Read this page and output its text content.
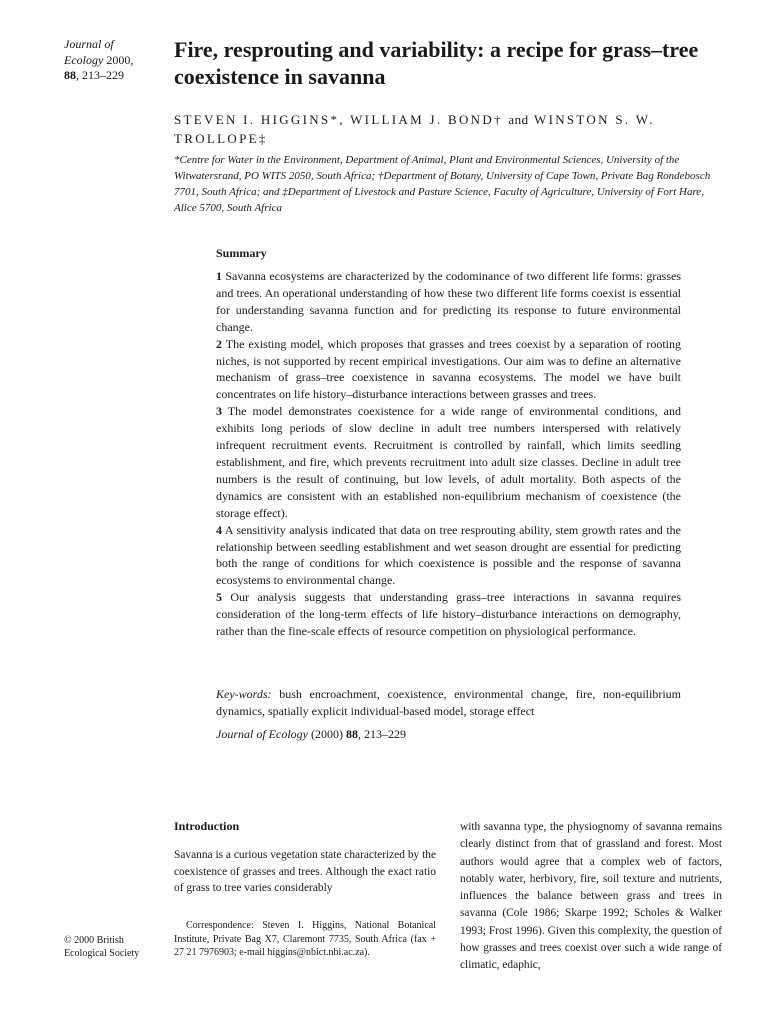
Journal of
Ecology 2000,
88, 213–229
Fire, resprouting and variability: a recipe for grass–tree coexistence in savanna
STEVEN I. HIGGINS*, WILLIAM J. BOND† and WINSTON S. W. TROLLOPE‡
*Centre for Water in the Environment, Department of Animal, Plant and Environmental Sciences, University of the Witwatersrand, PO WITS 2050, South Africa; †Department of Botany, University of Cape Town, Private Bag Rondebosch 7701, South Africa; and ‡Department of Livestock and Pasture Science, Faculty of Agriculture, University of Fort Hare, Alice 5700, South Africa
Summary

1 Savanna ecosystems are characterized by the codominance of two different life forms: grasses and trees. An operational understanding of how these two different life forms coexist is essential for understanding savanna function and for predicting its response to future environmental change.

2 The existing model, which proposes that grasses and trees coexist by a separation of rooting niches, is not supported by recent empirical investigations. Our aim was to define an alternative mechanism of grass–tree coexistence in savanna ecosystems. The model we have built concentrates on life history–disturbance interactions between grasses and trees.

3 The model demonstrates coexistence for a wide range of environmental conditions, and exhibits long periods of slow decline in adult tree numbers interspersed with relatively infrequent recruitment events. Recruitment is controlled by rainfall, which limits seedling establishment, and fire, which prevents recruitment into adult size classes. Decline in adult tree numbers is the result of continuing, but low levels, of adult mortality. Both aspects of the dynamics are consistent with an established non-equilibrium mechanism of coexistence (the storage effect).

4 A sensitivity analysis indicated that data on tree resprouting ability, stem growth rates and the relationship between seedling establishment and wet season drought are essential for predicting both the range of conditions for which coexistence is possible and the response of savanna ecosystems to environmental change.

5 Our analysis suggests that understanding grass–tree interactions in savanna requires consideration of the long-term effects of life history–disturbance interactions on demography, rather than the fine-scale effects of resource competition on physiological performance.

Key-words: bush encroachment, coexistence, environmental change, fire, non-equilibrium dynamics, spatially explicit individual-based model, storage effect

Journal of Ecology (2000) 88, 213–229
Introduction

Savanna is a curious vegetation state characterized by the coexistence of grasses and trees. Although the exact ratio of grass to tree varies considerably

Correspondence: Steven I. Higgins, National Botanical Institute, Private Bag X7, Claremont 7735, South Africa (fax + 27 21 7976903; e-mail higgins@nbict.nbi.ac.za).

© 2000 British
Ecological Society

with savanna type, the physiognomy of savanna remains clearly distinct from that of grassland and forest. Most authors would agree that a complex web of factors, notably water, herbivory, fire, soil texture and nutrients, influences the balance between grass and trees in savanna (Cole 1986; Skarpe 1992; Scholes & Walker 1993; Frost 1996). Given this complexity, the question of how grasses and trees coexist over such a wide range of climatic, edaphic,
